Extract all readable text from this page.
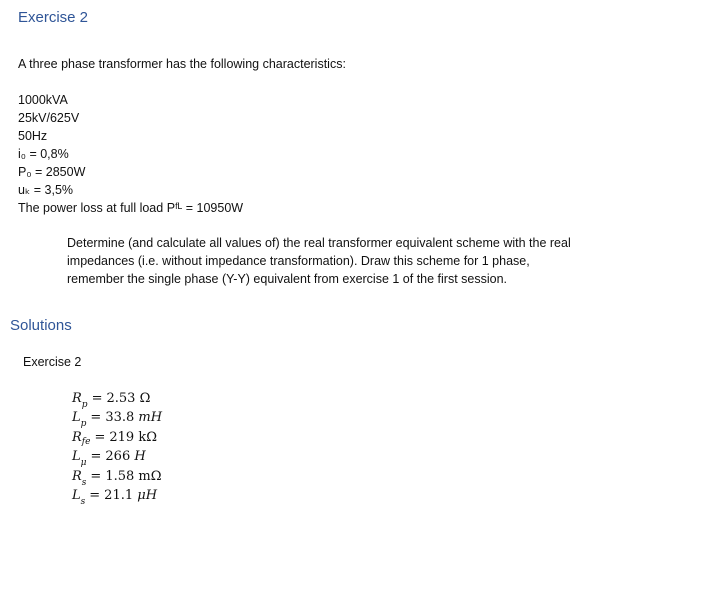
Exercise 2

A three phase transformer has the following characteristics:

1000kVA
25kV/625V
50Hz
i₀ = 0,8%
P₀ = 2850W
uₖ = 3,5%
The power loss at full load Pᶠᴸ = 10950W

Determine (and calculate all values of) the real transformer equivalent scheme with the real
impedances (i.e. without impedance transformation). Draw this scheme for 1 phase,
remember the single phase (Y-Y) equivalent from exercise 1 of the first session.

Solutions

Exercise 2

$R_p = 2.53$ Ω
$L_p = 33.8$ mH
$R_{fe} = 219$ kΩ
$L_\mu = 266$ H
$R_s = 1.58$ mΩ
$L_s = 21.1$ μH
